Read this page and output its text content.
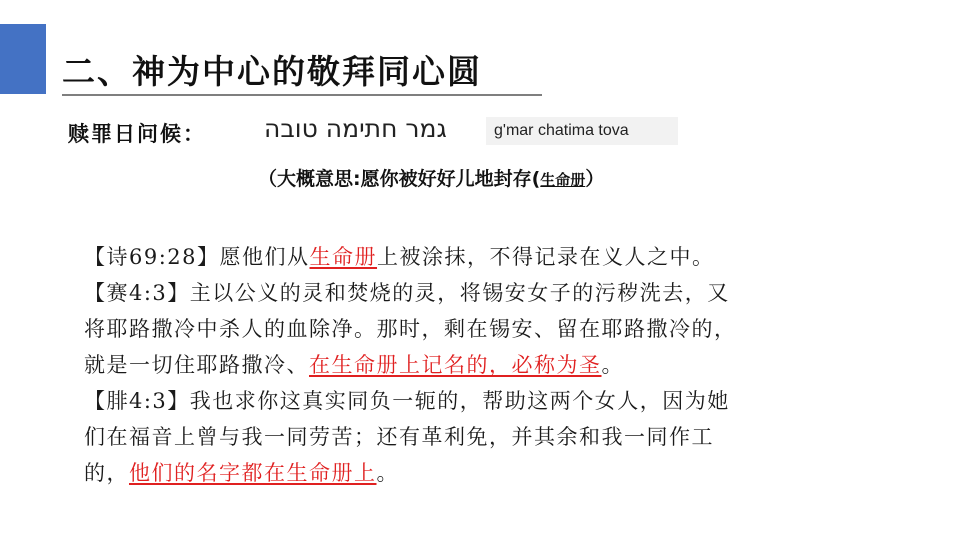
二、神为中心的敬拜同心圆
赎罪日问候： גמר חתימה טובה	g'mar chatima tova
（大概意思:愿你被好好儿地封存(生命册）
【诗69:28】愿他们从生命册上被涂抹，不得记录在义人之中。
【赛4:3】主以公义的灵和焚烧的灵，将锡安女子的污秽洗去，又
将耶路撒冷中杀人的血除净。那时，剩在锡安、留在耶路撒冷的，
就是一切住耶路撒冷、在生命册上记名的，必称为圣。
【腓4:3】我也求你这真实同负一轭的，帮助这两个女人，因为她
们在福音上曾与我一同劳苦；还有革利免，并其余和我一同作工
的，他们的名字都在生命册上。
